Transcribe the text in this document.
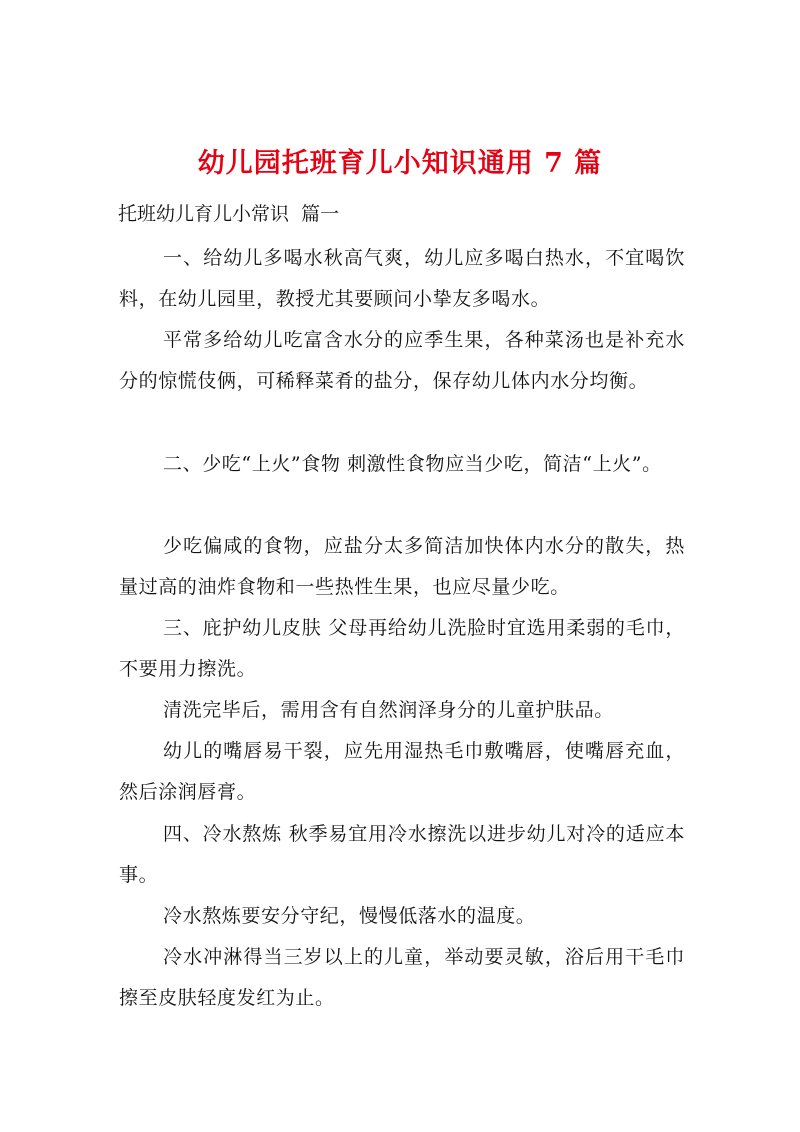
幼儿园托班育儿小知识通用 7 篇
托班幼儿育儿小常识  篇一

一、给幼儿多喝水秋高气爽，幼儿应多喝白热水，不宜喝饮料，在幼儿园里，教授尤其要顾问小挚友多喝水。

平常多给幼儿吃富含水分的应季生果，各种菜汤也是补充水分的惊慌伎俩，可稀释菜肴的盐分，保存幼儿体内水分均衡。

二、少吃“上火”食物 刺激性食物应当少吃，简洁“上火”。

少吃偏咸的食物，应盐分太多简洁加快体内水分的散失，热量过高的油炸食物和一些热性生果，也应尽量少吃。

三、庇护幼儿皮肤 父母再给幼儿洗脸时宜选用柔弱的毛巾，不要用力擦洗。

清洗完毕后，需用含有自然润泽身分的儿童护肤品。

幼儿的嘴唇易干裂，应先用湿热毛巾敷嘴唇，使嘴唇充血，然后涂润唇膏。

四、冷水熬炼 秋季易宜用冷水擦洗以进步幼儿对冷的适应本事。

冷水熬炼要安分守纪，慢慢低落水的温度。

冷水冲淋得当三岁以上的儿童，举动要灵敏，浴后用干毛巾擦至皮肤轻度发红为止。
